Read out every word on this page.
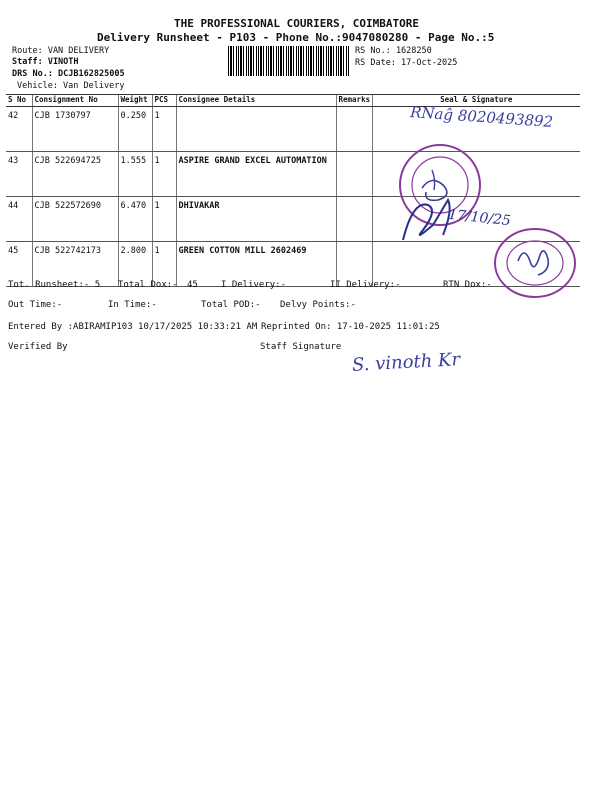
THE PROFESSIONAL COURIERS, COIMBATORE
Delivery Runsheet - P103 - Phone No.:9047080280 - Page No.:5
Route: VAN DELIVERY
Staff: VINOTH
DRS No.: DCJB162825005
Vehicle: Van Delivery
RS No.: 1628250
RS Date: 17-Oct-2025
S No	Consignment No	Weight	PCS	Consignee Details	Remarks	Seal & Signature
42	CJB 1730797	0.250	1			
43	CJB 522694725	1.555	1	ASPIRE GRAND EXCEL AUTOMATION		
44	CJB 522572690	6.470	1	DHIVAKAR		
45	CJB 522742173	2.800	1	GREEN COTTON MILL 2602469		
Tot. Runsheet:- 5 Total Dox:- 45	I Delivery:-	II Delivery:-	RTN Dox:-
Out Time:-	In Time:-	Total POD:- Delvy Points:-
Entered By :ABIRAMIP103 10/17/2025 10:33:21 AM Reprinted On: 17-10-2025 11:01:25
Verified By	Staff Signature
RNaĝ 8020493892
17/10/25
S. vinoth Kr
